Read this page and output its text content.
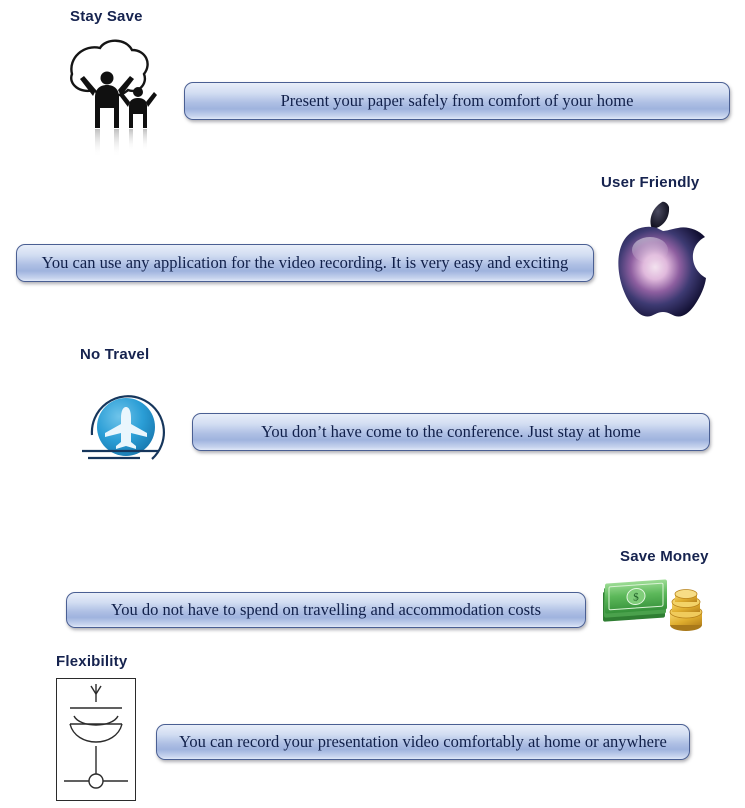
Stay Save
Present your paper safely from comfort of your home
User Friendly
You can use any application for the video recording. It is very easy and exciting
No Travel
You don’t have come to the conference. Just stay at home
Save Money
$
You do not have to spend on travelling and accommodation costs
Flexibility
You can record your presentation video comfortably at home or anywhere
